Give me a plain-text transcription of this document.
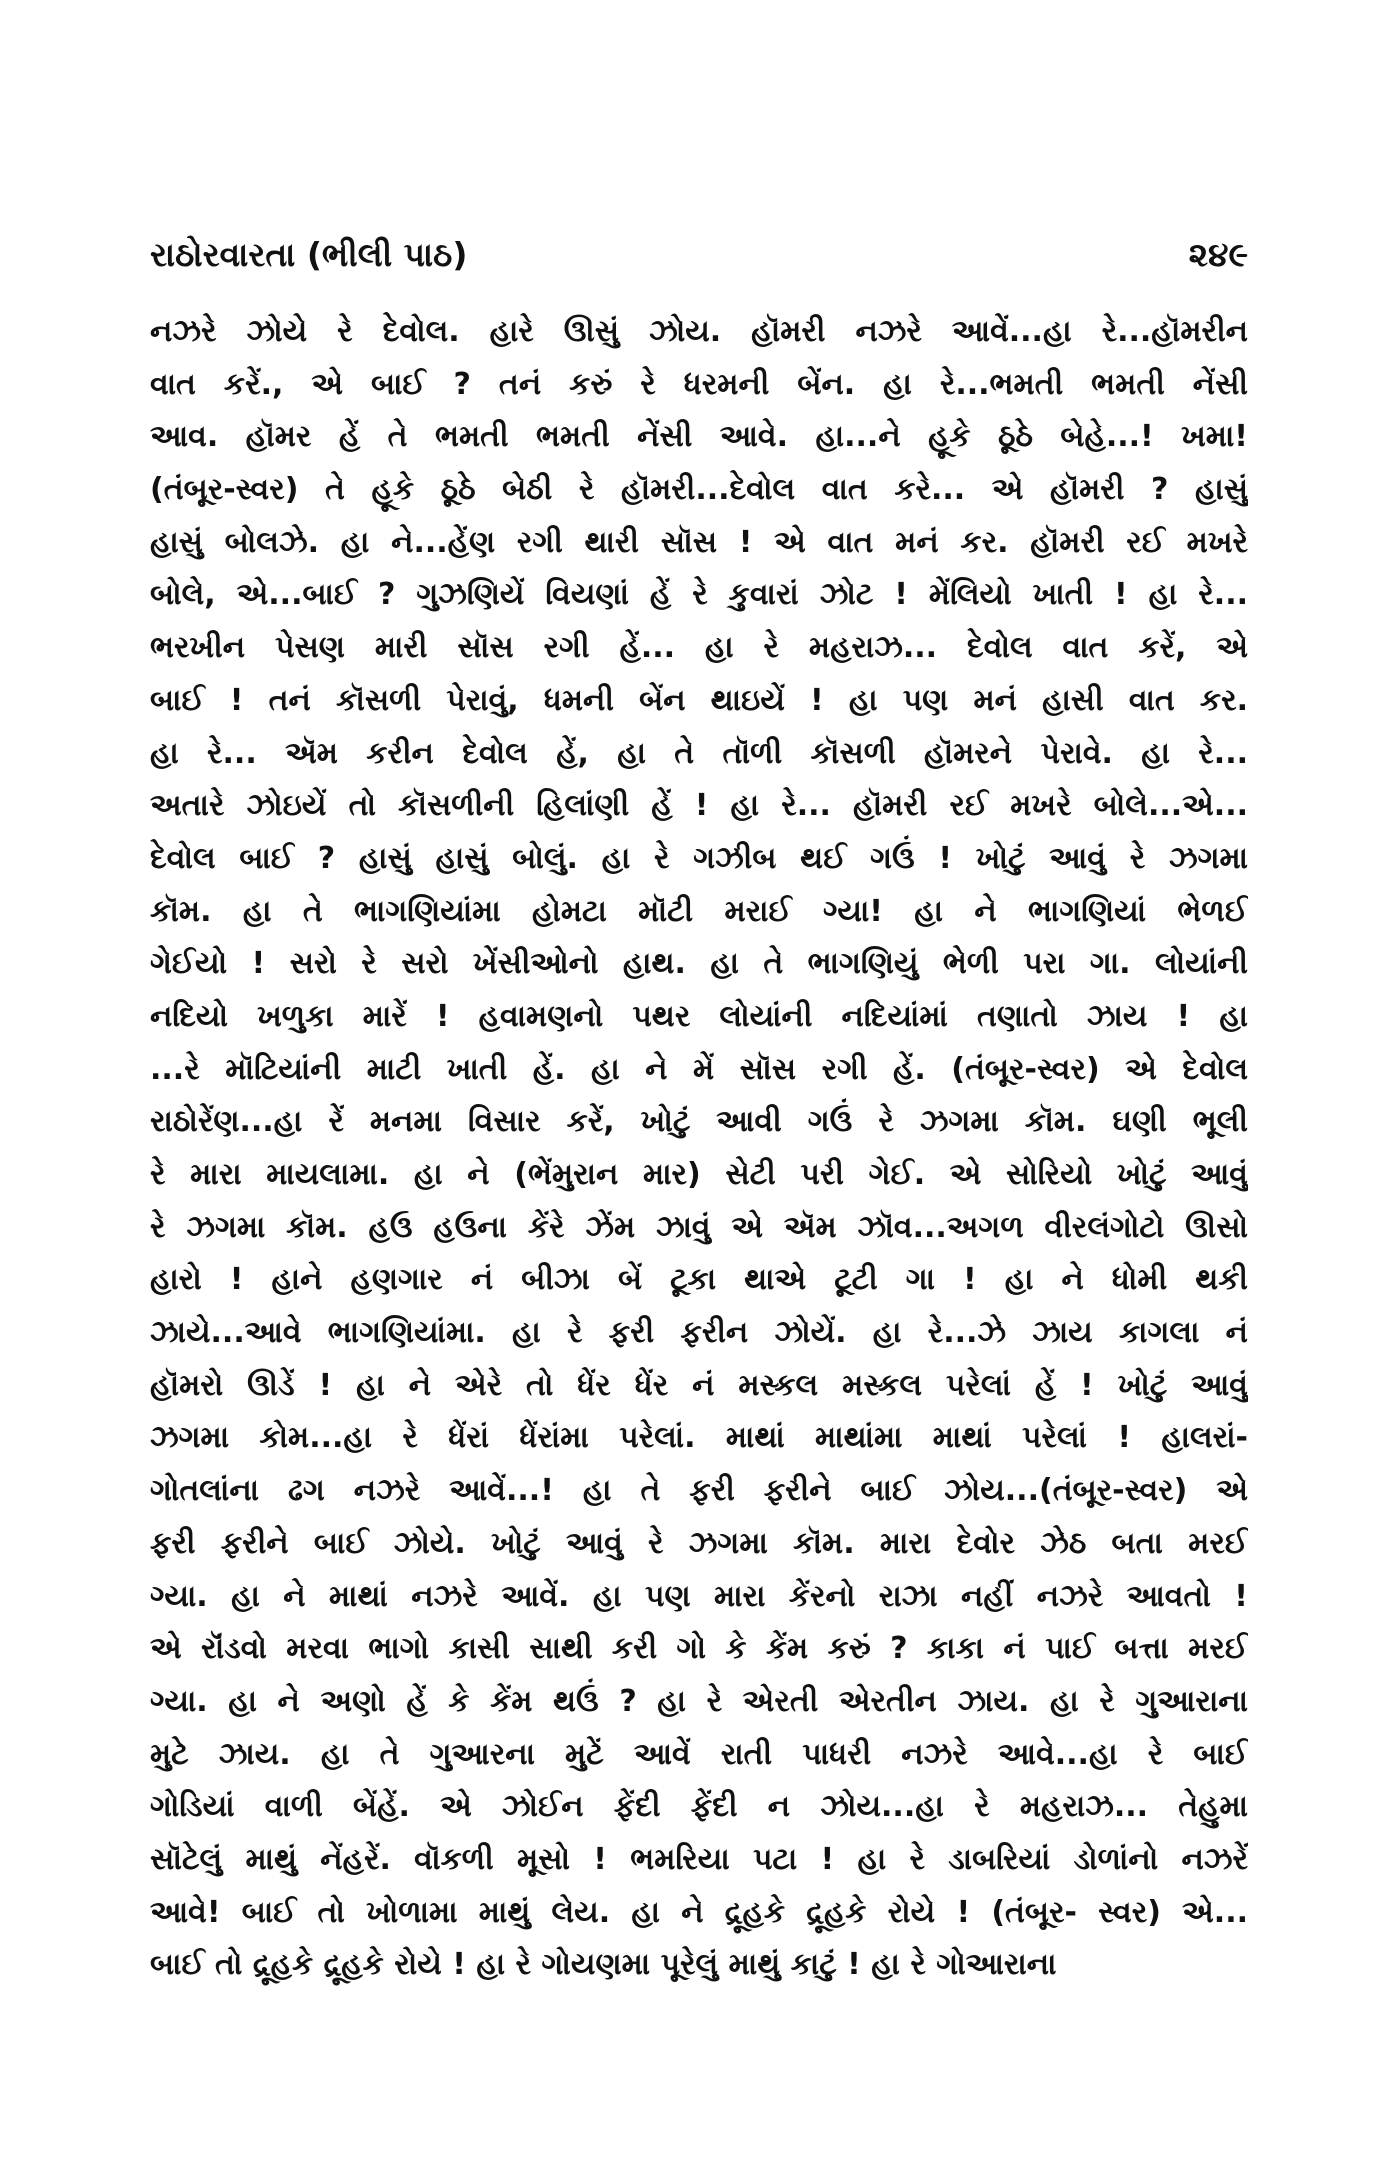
રાઠોરવારતા (ભીલી પાઠ)	૨૪૯
નઝરે ઝોયે રે દેવોલ. હારે ઊસું ઝોય. હૉમરી નઝરે આવેં...હા રે...હૉમરીન
વાત કરેં., એ બાઈ ? તનં કરું રે ધરમની બેંન. હા રે...ભમતી ભમતી નેંસી
આવ. હૉમર હેં તે ભમતી ભમતી નેંસી આવે. હા...ને હૂકે ઠૂઠે બેહે...! ખમા!
(તંબૂર-સ્વર) તે હૂકે ઠૂઠે બેઠી રે હૉમરી...દેવોલ વાત કરે... એ હૉમરી ? હાસું
હાસું બોલઝે. હા ને...હેંણ રગી થારી સૉસ ! એ વાત મનં કર. હૉમરી રઈ મખરે
બોલે, એ...બાઈ ? ગુઝણિયેં વિયણાં હેં રે કુવારાં ઝોટ ! મેંલિયો ખાતી ! હા રે...
ભરખીન પેસણ મારી સૉસ રગી હેં... હા રે મહરાઝ... દેવોલ વાત કરેં, એ
બાઈ ! તનં કૉસળી પેરાવું, ધમની બેંન થાઇયેં ! હા પણ મનં હાસી વાત કર.
હા રે... ઍમ કરીન દેવોલ હેં, હા તે તૉળી કૉસળી હૉમરને પેરાવે. હા રે...
અતારે ઝોઇયેં તો કૉસળીની હિલાંણી હેં ! હા રે... હૉમરી રઈ મખરે બોલે...એ...
દેવોલ બાઈ ? હાસું હાસું બોલું. હા રે ગઝીબ થઈ ગઉં ! ખોટું આવું રે ઝગમા
કૉમ. હા તે ભાગણિયાંમા હોમટા મૉટી મરાઈ ગ્યા! હા ને ભાગણિયાં ભેળઈ
ગેઈયો ! સરો રે સરો ખેંસીઓનો હાથ. હા તે ભાગણિયું ભેળી પરા ગા. લોયાંની
નદિયો ખળુકા મારેં ! હવામણનો પથર લોયાંની નદિયાંમાં તણાતો ઝાય ! હા
...રે મૉટિયાંની માટી ખાતી હેં. હા ને મેં સૉસ રગી હેં. (તંબૂર-સ્વર) એ દેવોલ
રાઠોરેંણ...હા રેં મનમા વિસાર કરેં, ખોટું આવી ગઉં રે ઝગમા કૉમ. ઘણી ભૂલી
રે મારા માયલામા. હા ને (ભેંમુરાન માર) સેટી પરી ગેઈ. એ સોરિયો ખોટું આવું
રે ઝગમા કૉમ. હઉ હઉના કેંરે ઝેંમ ઝાવું એ ઍમ ઝૉવ...અગળ વીરલંગોટો ઊસો
હારો ! હાને હણગાર નં બીઝા બેં ટૂકા થાએ ટૂટી ગા ! હા ને ધોમી થકી
ઝાયે...આવે ભાગણિયાંમા. હા રે ફરી ફરીન ઝોયેં. હા રે...ઝે ઝાય કાગલા નં
હૉમરો ઊડેં ! હા ને એરે તો ધેંર ધેંર નં મસ્કલ મસ્કલ પરેલાં હેં ! ખોટું આવું
ઝગમા કોમ...હા રે ધેંરાં ધેંરાંમા પરેલાં. માથાં માથાંમા માથાં પરેલાં ! હાલરાં-
ગોતલાંના ઢગ નઝરે આવેં...! હા તે ફરી ફરીને બાઈ ઝોય...(તંબૂર-સ્વર) એ
ફરી ફરીને બાઈ ઝોયે. ખોટું આવું રે ઝગમા કૉમ. મારા દેવોર ઝેઠ બતા મરઈ
ગ્યા. હા ને માથાં નઝરે આવેં. હા પણ મારા કેંરનો રાઝા નહીં નઝરે આવતો !
એ રૉંડવો મરવા ભાગો કાસી સાથી કરી ગો કે કેંમ કરું ? કાકા નં પાઈ બત્તા મરઈ
ગ્યા. હા ને અણો હેં કે કેંમ થઉં ? હા રે એરતી એરતીન ઝાય. હા રે ગુઆરાના
મુટે ઝાય. હા તે ગુઆરના મુટેં આવેં રાતી પાધરી નઝરે આવે...હા રે બાઈ
ગોડિયાં વાળી બેંહેં. એ ઝોઈન ફેંદી ફેંદી ન ઝોય...હા રે મહરાઝ... તેહુમા
સૉટેલું માથું નેંહરેં. વૉકળી મૂસો ! ભમરિયા પટા ! હા રે ડાબરિયાં ડોળાંનો નઝરેં
આવે! બાઈ તો ખોળામા માથું લેય. હા ને દ્રૂહકે દ્રૂહકે રોયે ! (તંબૂર- સ્વર) એ...
બાઈ તો દ્રૂહકે દ્રૂહકે રોયે ! હા રે ગોયણમા પૂરેલું માથું કાટું ! હા રે ગોઆરાના
